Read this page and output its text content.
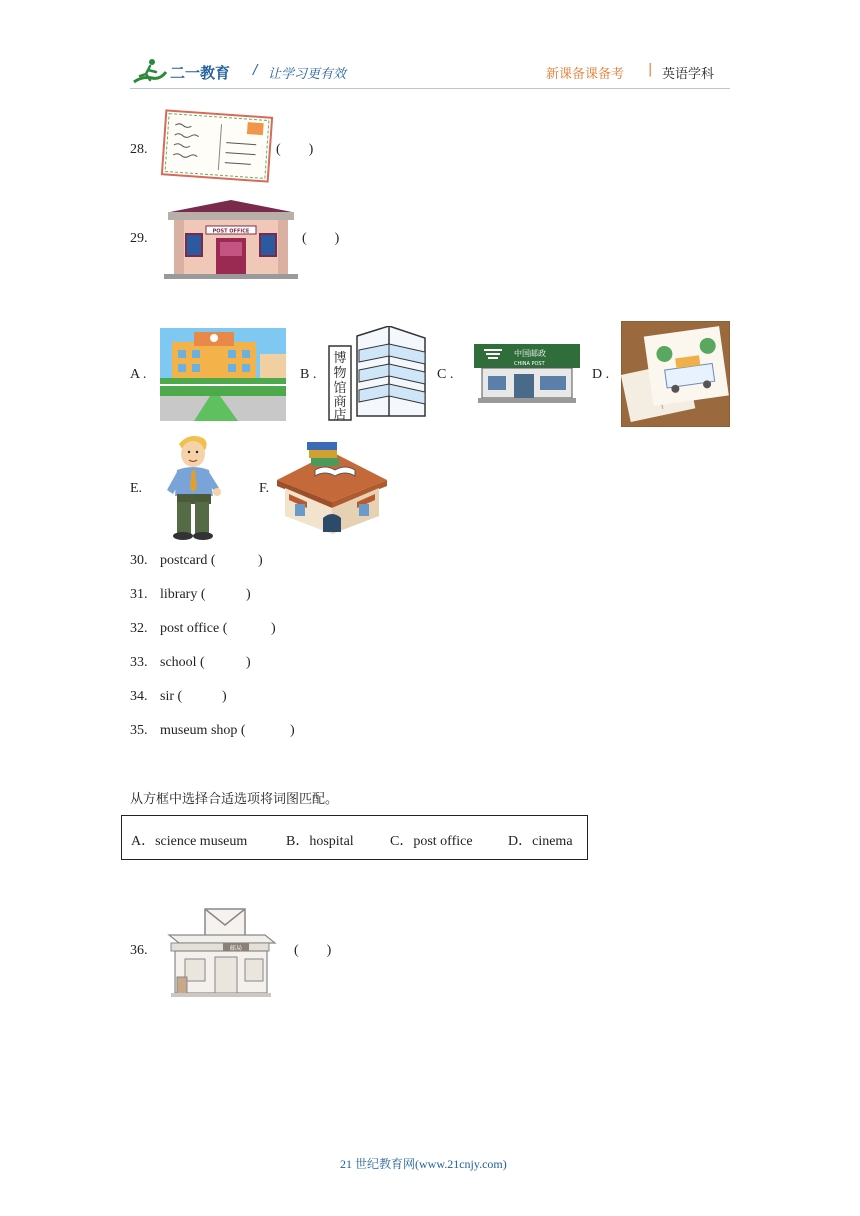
二一教育 / 让学习更有效	新课备课备考 | 英语学科
28.	(        )
29.	POST OFFICE	(        )
A .	B .
博物馆商店
C .
中国邮政
CHINA POST
D .
E.	F.
30. postcard (	)
31. library (	)
32. post office (	)
33. school (	)
34. sir (	)
35. museum shop (	)
从方框中选择合适选项将词图匹配。
A．science museum	B．hospital	C．post office	D．cinema
36.	邮局	(        )
21 世纪教育网(www.21cnjy.com)
